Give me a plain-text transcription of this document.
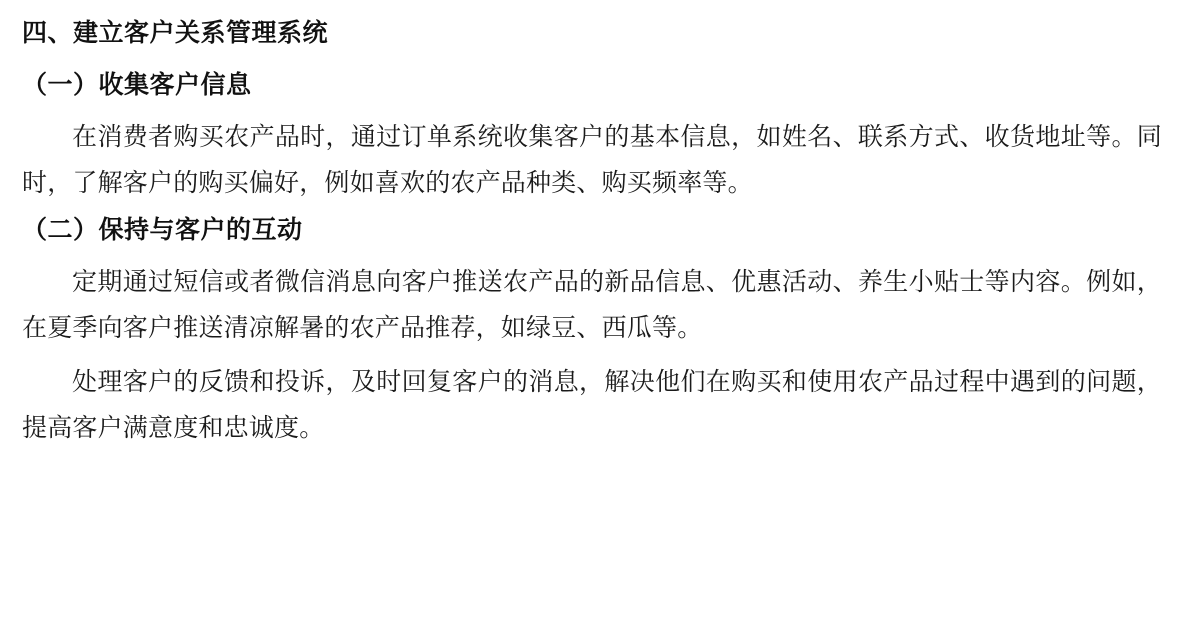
四、建立客户关系管理系统
（一）收集客户信息

在消费者购买农产品时，通过订单系统收集客户的基本信息，如姓名、联系方式、收货地址等。同时，了解客户的购买偏好，例如喜欢的农产品种类、购买频率等。

（二）保持与客户的互动

定期通过短信或者微信消息向客户推送农产品的新品信息、优惠活动、养生小贴士等内容。例如，在夏季向客户推送清凉解暑的农产品推荐，如绿豆、西瓜等。

处理客户的反馈和投诉，及时回复客户的消息，解决他们在购买和使用农产品过程中遇到的问题，提高客户满意度和忠诚度。
